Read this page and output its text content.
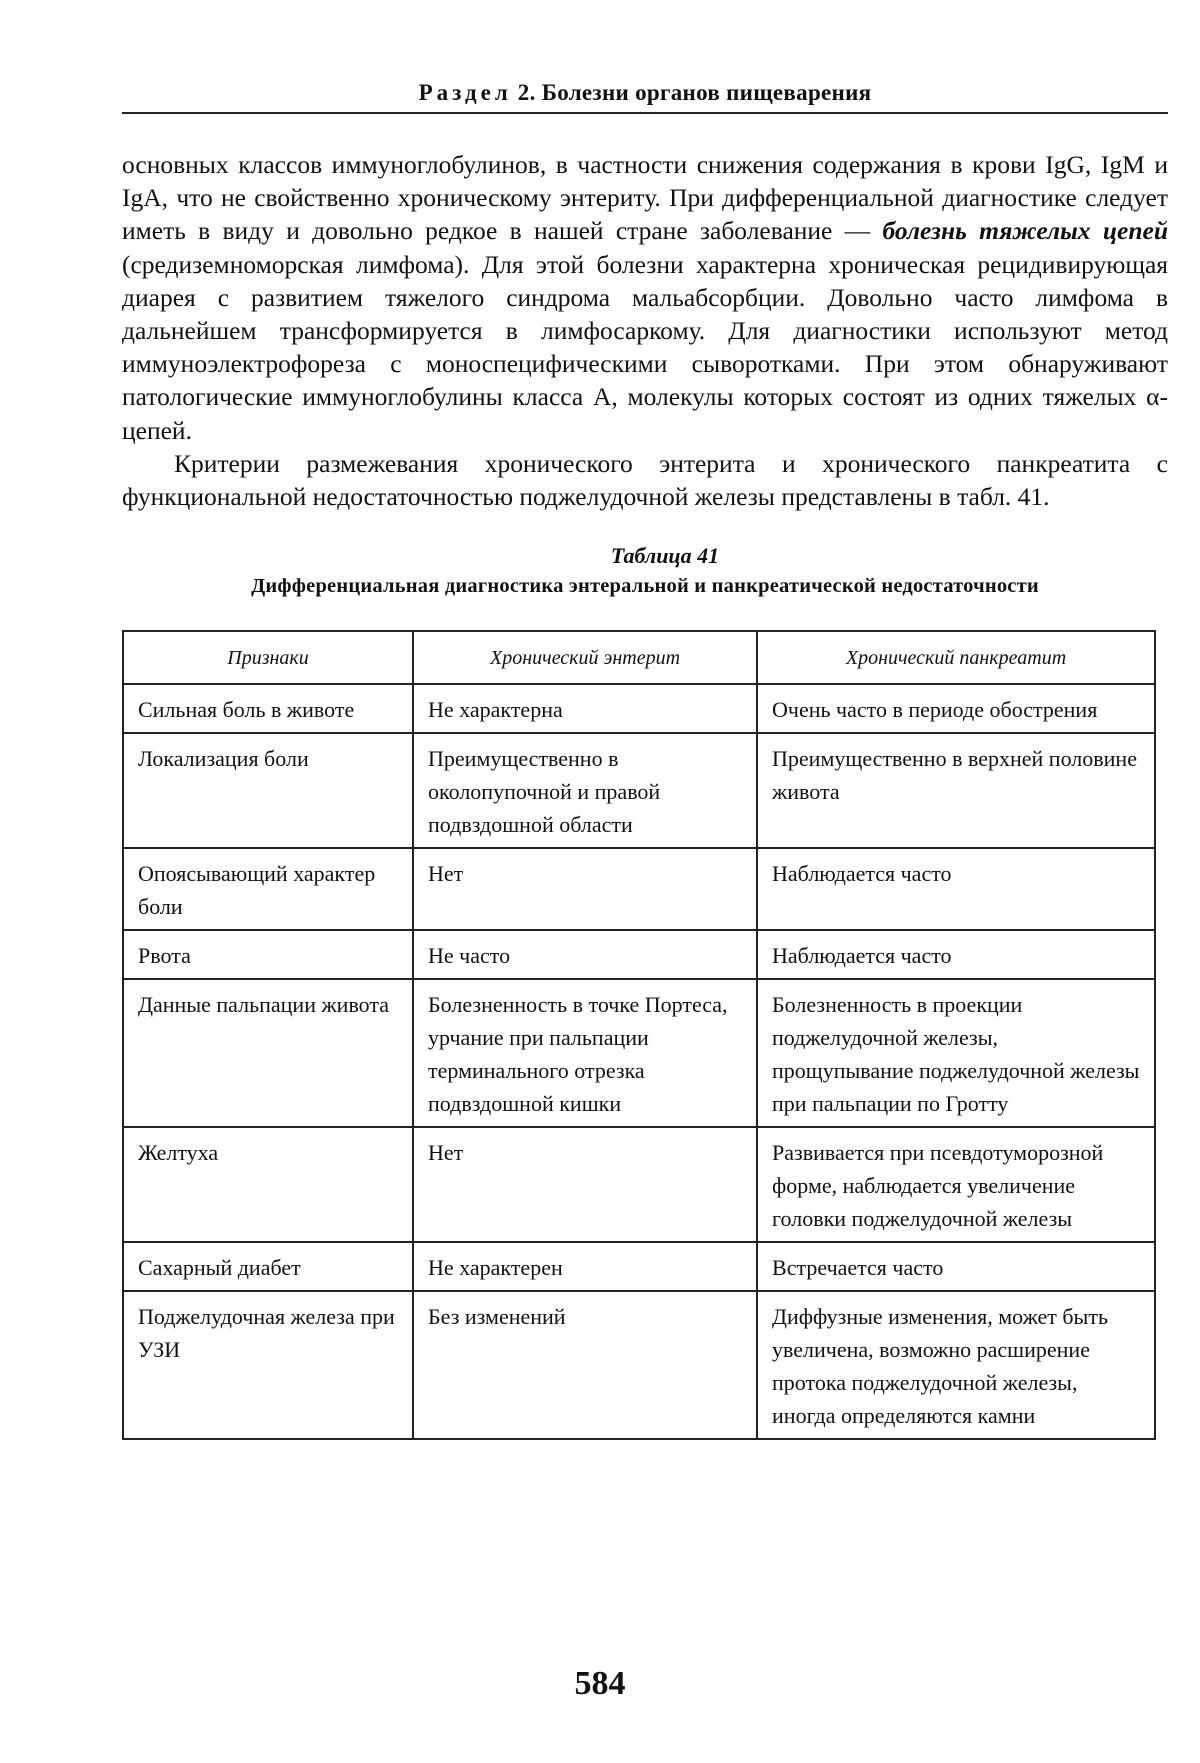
Раздел 2. Болезни органов пищеварения

основных классов иммуноглобулинов, в частности снижения содержания в крови IgG, IgM и IgA, что не свойственно хроническому энтериту. При дифференциальной диагностике следует иметь в виду и довольно редкое в нашей стране заболевание — болезнь тяжелых цепей (средиземноморская лимфома). Для этой болезни характерна хроническая рецидивирующая диарея с развитием тяжелого синдрома мальабсорбции. Довольно часто лимфома в дальнейшем трансформируется в лимфосаркому. Для диагностики используют метод иммуноэлектрофореза с моноспецифическими сыворотками. При этом обнаруживают патологические иммуноглобулины класса А, молекулы которых состоят из одних тяжелых α-цепей.

Критерии размежевания хронического энтерита и хронического панкреатита с функциональной недостаточностью поджелудочной железы представлены в табл. 41.

Таблица 41
Дифференциальная диагностика энтеральной и панкреатической недостаточности
Признаки	Хронический энтерит	Хронический панкреатит
Сильная боль в животе	Не характерна	Очень часто в периоде обострения
Локализация боли	Преимущественно в околопупочной и правой подвздошной области	Преимущественно в верхней половине живота
Опоясывающий характер боли	Нет	Наблюдается часто
Рвота	Не часто	Наблюдается часто
Данные пальпации живота	Болезненность в точке Портеса, урчание при пальпации терминального отрезка подвздошной кишки	Болезненность в проекции поджелудочной железы, прощупывание поджелудочной железы при пальпации по Гротту
Желтуха	Нет	Развивается при псевдотуморозной форме, наблюдается увеличение головки поджелудочной железы
Сахарный диабет	Не характерен	Встречается часто
Поджелудочная железа при УЗИ	Без изменений	Диффузные изменения, может быть увеличена, возможно расширение протока поджелудочной железы, иногда определяются камни
584
